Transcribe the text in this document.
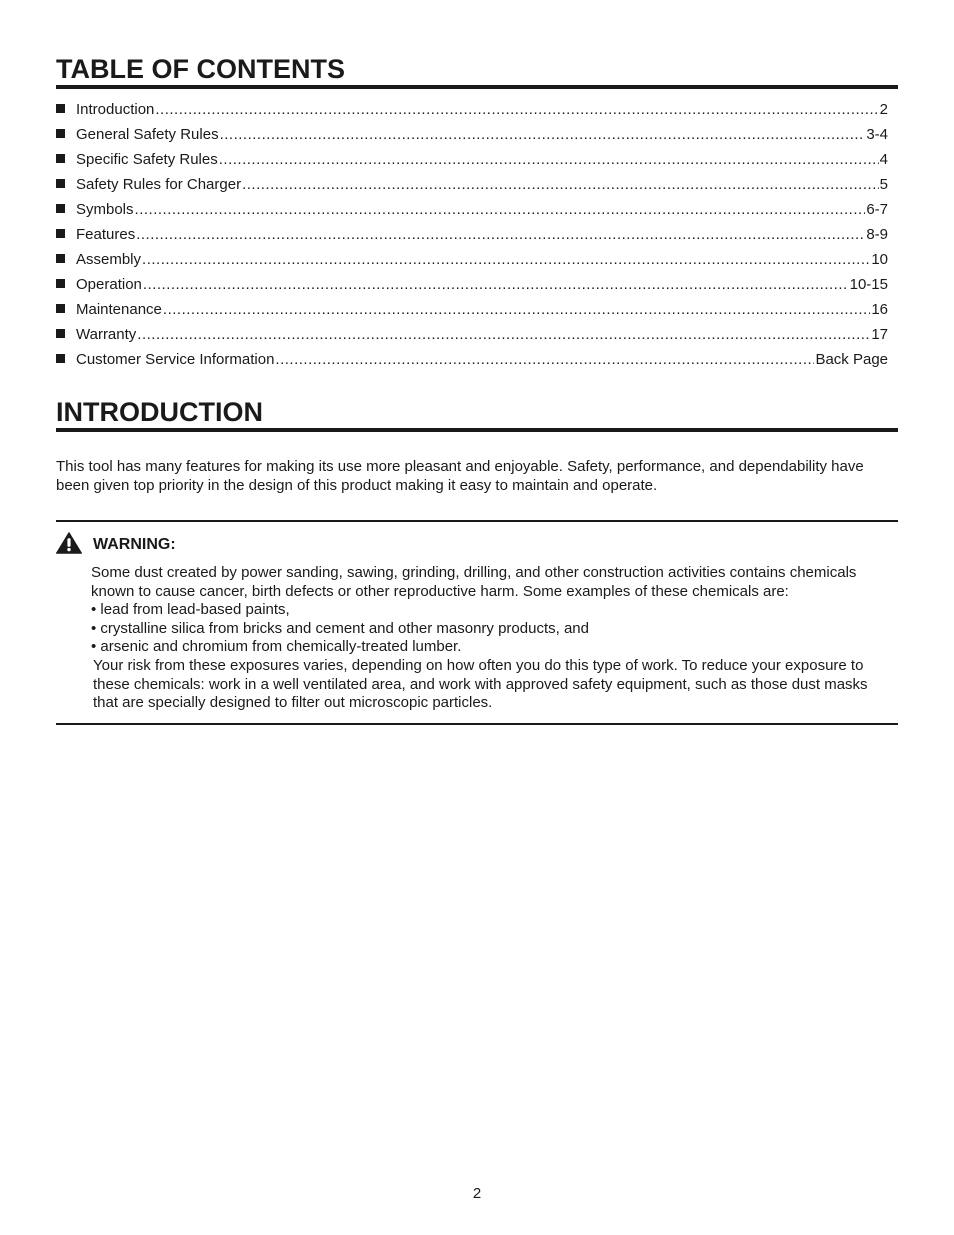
TABLE OF CONTENTS
Introduction .....	2
General Safety Rules .....	3-4
Specific Safety Rules .....	4
Safety Rules for Charger .....	5
Symbols .....	6-7
Features .....	8-9
Assembly .....	10
Operation .....	10-15
Maintenance .....	16
Warranty .....	17
Customer Service Information .....	Back Page
INTRODUCTION

This tool has many features for making its use more pleasant and enjoyable. Safety, performance, and dependability have been given top priority in the design of this product making it easy to maintain and operate.

WARNING:

Some dust created by power sanding, sawing, grinding, drilling, and other construction activities contains chemicals known to cause cancer, birth defects or other reproductive harm. Some examples of these chemicals are:

• lead from lead-based paints,
• crystalline silica from bricks and cement and other masonry products, and
• arsenic and chromium from chemically-treated lumber.

Your risk from these exposures varies, depending on how often you do this type of work. To reduce your exposure to these chemicals: work in a well ventilated area, and work with approved safety equipment, such as those dust masks that are specially designed to filter out microscopic particles.

2
